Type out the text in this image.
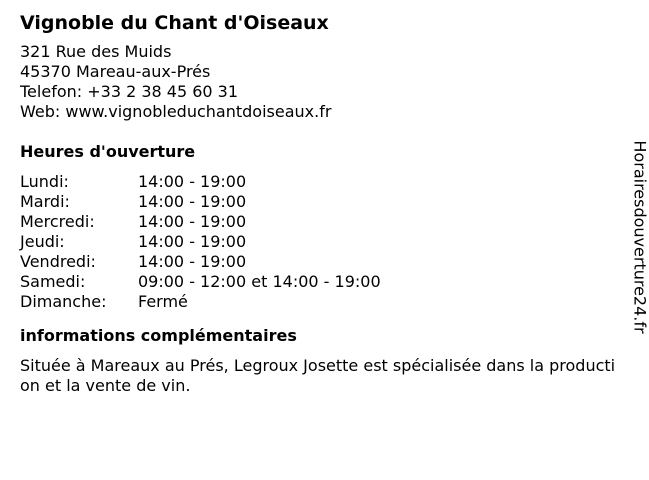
Vignoble du Chant d'Oiseaux
321 Rue des Muids
45370 Mareau-aux-Prés
Telefon: +33 2 38 45 60 31
Web: www.vignobleduchantdoiseaux.fr
Heures d'ouverture
Lundi:	14:00 - 19:00
Mardi:	14:00 - 19:00
Mercredi:	14:00 - 19:00
Jeudi:	14:00 - 19:00
Vendredi:	14:00 - 19:00
Samedi:	09:00 - 12:00 et 14:00 - 19:00
Dimanche:	Fermé
informations complémentaires
Située à Mareaux au Prés, Legroux Josette est spécialisée dans la production et la vente de vin.
Horairesdouverture24.fr
